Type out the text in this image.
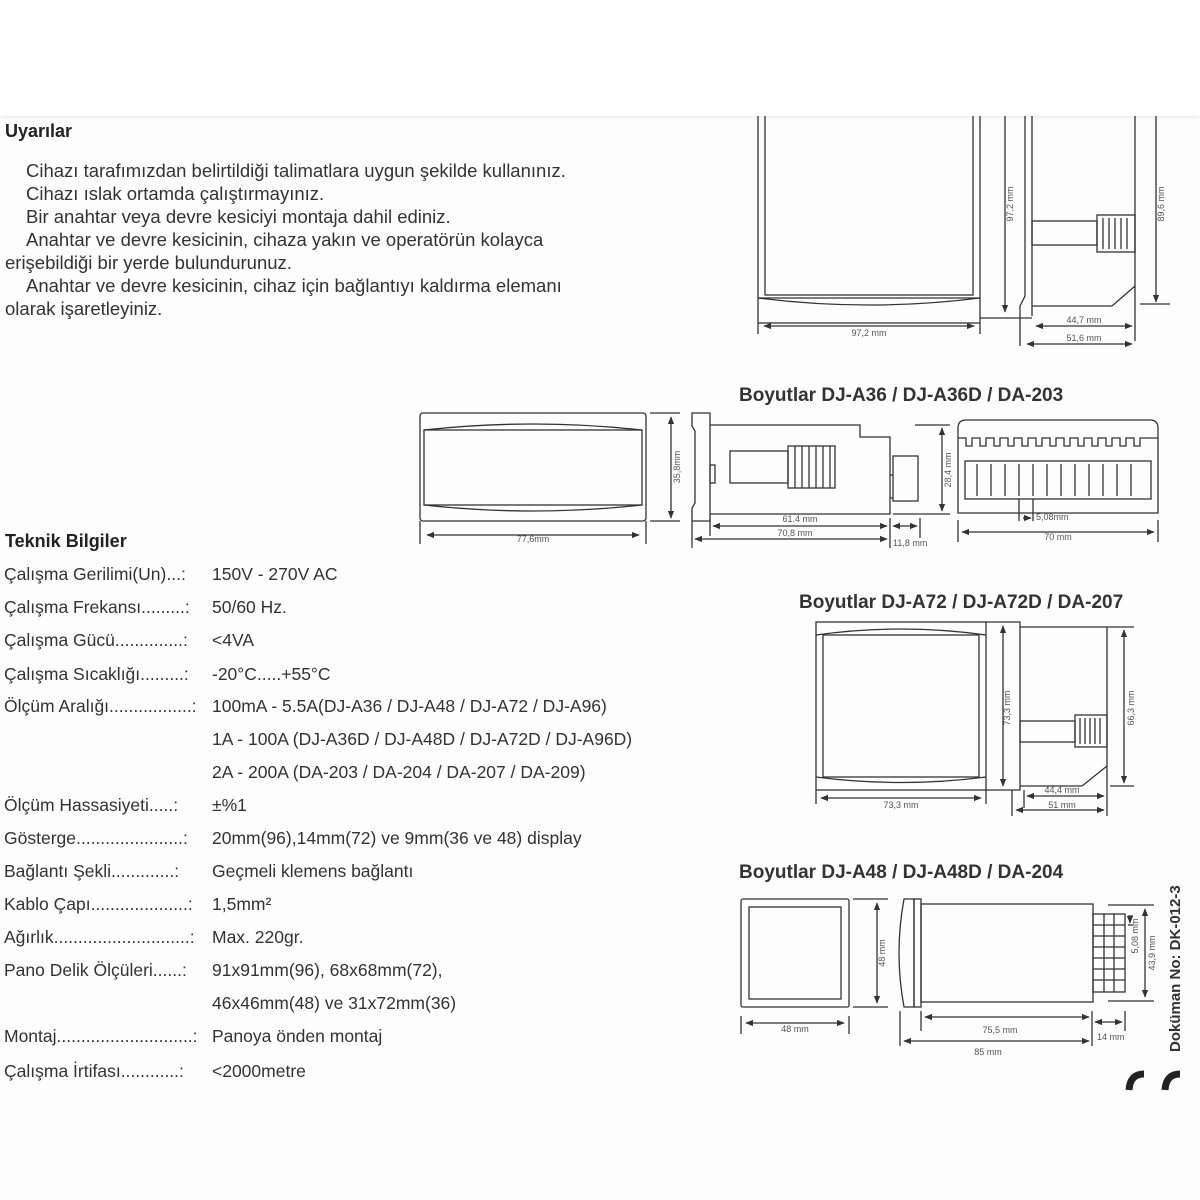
Uyarılar
Cihazı tarafımızdan belirtildiği talimatlara uygun şekilde kullanınız.
Cihazı ıslak ortamda çalıştırmayınız.
Bir anahtar veya devre kesiciyi montaja dahil ediniz.
Anahtar ve devre kesicinin, cihaza yakın ve operatörün kolayca
erişebildiği bir yerde bulundurunuz.
Anahtar ve devre kesicinin, cihaz için bağlantıyı kaldırma elemanı
olarak işaretleyiniz.
Teknik Bilgiler
Çalışma Gerilimi(Un)...: 150V - 270V AC
Çalışma Frekansı.........: 50/60 Hz.
Çalışma Gücü..............: <4VA
Çalışma Sıcaklığı.........: -20°C.....+55°C
Ölçüm Aralığı.................: 100mA - 5.5A(DJ-A36 / DJ-A48 / DJ-A72 / DJ-A96)
1A - 100A (DJ-A36D / DJ-A48D / DJ-A72D / DJ-A96D)
2A - 200A (DA-203 / DA-204 / DA-207 / DA-209)
Ölçüm Hassasiyeti.....: ±%1
Gösterge......................: 20mm(96),14mm(72) ve 9mm(36 ve 48) display
Bağlantı Şekli.............: Geçmeli klemens bağlantı
Kablo Çapı....................: 1,5mm²
Ağırlık............................: Max. 220gr.
Pano Delik Ölçüleri......: 91x91mm(96), 68x68mm(72),
46x46mm(48) ve 31x72mm(36)
Montaj............................: Panoya önden montaj
Çalışma İrtifası............: <2000metre
97,2 mm
97,2 mm	89,6 mm
44,7 mm
51,6 mm
Boyutlar DJ-A36 / DJ-A36D / DA-203
77,6mm
35,8mm
61.4 mm
70,8 mm
11,8 mm
28,4 mm
5,08mm
70 mm
Boyutlar DJ-A72 / DJ-A72D / DA-207
73,3 mm
73,3 mm	66,3 mm
44,4 mm
51 mm
Boyutlar DJ-A48 / DJ-A48D / DA-204
48 mm
48 mm
75,5 mm
85 mm
14 mm
5,08 mm 43,9 mm Doküman No: DK-012-3
